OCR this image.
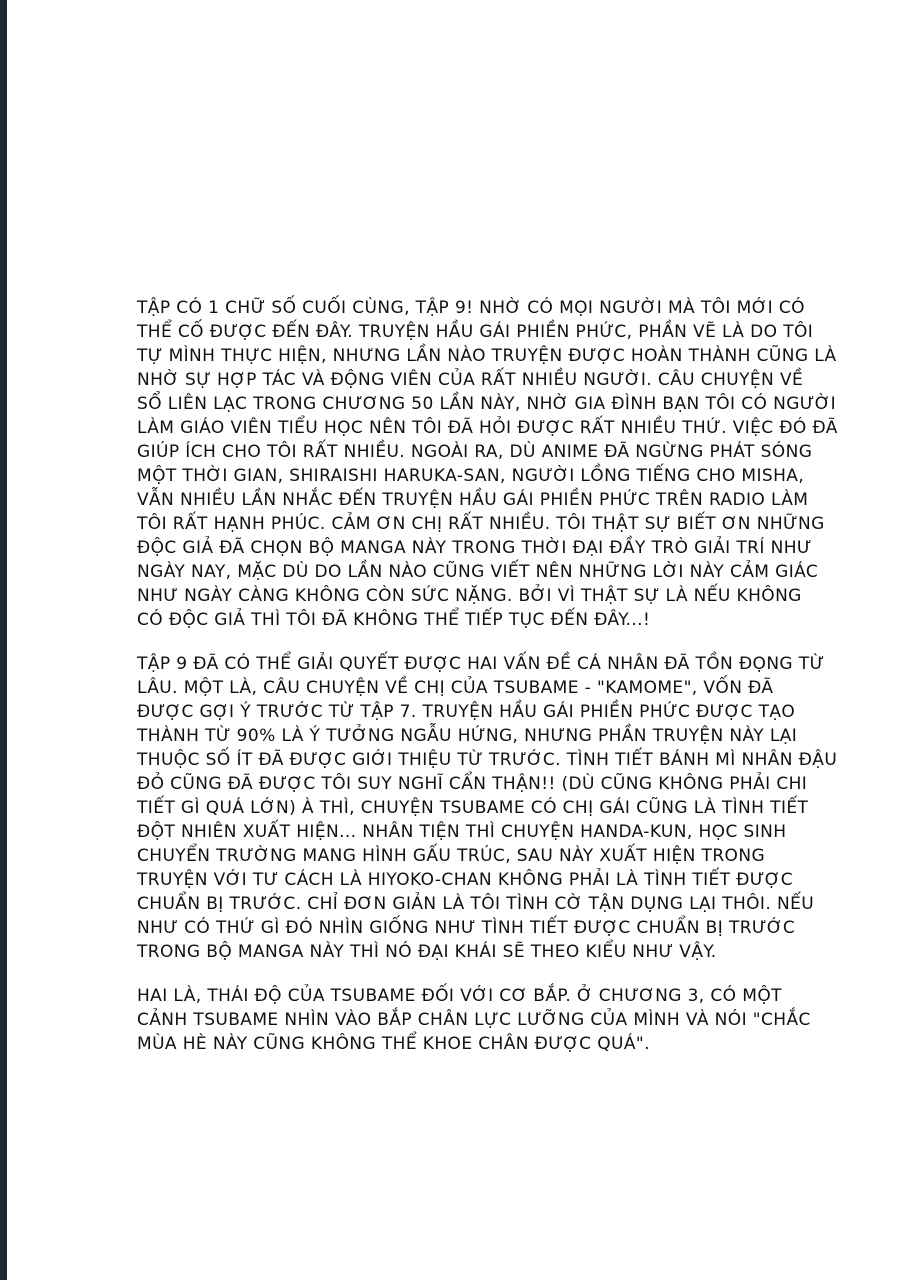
TẬP CÓ 1 CHỮ SỐ CUỐI CÙNG, TẬP 9! NHỜ CÓ MỌI NGƯỜI MÀ TÔI MỚI CÓ
THỂ CỐ ĐƯỢC ĐẾN ĐÂY. TRUYỆN HẦU GÁI PHIỀN PHỨC, PHẦN VẼ LÀ DO TÔI
TỰ MÌNH THỰC HIỆN, NHƯNG LẦN NÀO TRUYỆN ĐƯỢC HOÀN THÀNH CŨNG LÀ
NHỜ SỰ HỢP TÁC VÀ ĐỘNG VIÊN CỦA RẤT NHIỀU NGƯỜI. CÂU CHUYỆN VỀ
SỔ LIÊN LẠC TRONG CHƯƠNG 50 LẦN NÀY, NHỜ GIA ĐÌNH BẠN TÔI CÓ NGƯỜI
LÀM GIÁO VIÊN TIỂU HỌC NÊN TÔI ĐÃ HỎI ĐƯỢC RẤT NHIỀU THỨ. VIỆC ĐÓ ĐÃ
GIÚP ÍCH CHO TÔI RẤT NHIỀU. NGOÀI RA, DÙ ANIME ĐÃ NGỪNG PHÁT SÓNG
MỘT THỜI GIAN, SHIRAISHI HARUKA-SAN, NGƯỜI LỒNG TIẾNG CHO MISHA,
VẪN NHIỀU LẦN NHẮC ĐẾN TRUYỆN HẦU GÁI PHIỀN PHỨC TRÊN RADIO LÀM
TÔI RẤT HẠNH PHÚC. CẢM ƠN CHỊ RẤT NHIỀU. TÔI THẬT SỰ BIẾT ƠN NHỮNG
ĐỘC GIẢ ĐÃ CHỌN BỘ MANGA NÀY TRONG THỜI ĐẠI ĐẦY TRÒ GIẢI TRÍ NHƯ
NGÀY NAY, MẶC DÙ DO LẦN NÀO CŨNG VIẾT NÊN NHỮNG LỜI NÀY CẢM GIÁC
NHƯ NGÀY CÀNG KHÔNG CÒN SỨC NẶNG. BỞI VÌ THẬT SỰ LÀ NẾU KHÔNG
CÓ ĐỘC GIẢ THÌ TÔI ĐÃ KHÔNG THỂ TIẾP TỤC ĐẾN ĐÂY...!
TẬP 9 ĐÃ CÓ THỂ GIẢI QUYẾT ĐƯỢC HAI VẤN ĐỀ CÁ NHÂN ĐÃ TỒN ĐỌNG TỪ
LÂU. MỘT LÀ, CÂU CHUYỆN VỀ CHỊ CỦA TSUBAME - "KAMOME", VỐN ĐÃ
ĐƯỢC GỢI Ý TRƯỚC TỪ TẬP 7. TRUYỆN HẦU GÁI PHIỀN PHỨC ĐƯỢC TẠO
THÀNH TỪ 90% LÀ Ý TƯỞNG NGẪU HỨNG, NHƯNG PHẦN TRUYỆN NÀY LẠI
THUỘC SỐ ÍT ĐÃ ĐƯỢC GIỚI THIỆU TỪ TRƯỚC. TÌNH TIẾT BÁNH MÌ NHÂN ĐẬU
ĐỎ CŨNG ĐÃ ĐƯỢC TÔI SUY NGHĨ CẨN THẬN!! (DÙ CŨNG KHÔNG PHẢI CHI
TIẾT GÌ QUÁ LỚN) À THÌ, CHUYỆN TSUBAME CÓ CHỊ GÁI CŨNG LÀ TÌNH TIẾT
ĐỘT NHIÊN XUẤT HIỆN... NHÂN TIỆN THÌ CHUYỆN HANDA-KUN, HỌC SINH
CHUYỂN TRƯỜNG MANG HÌNH GẤU TRÚC, SAU NÀY XUẤT HIỆN TRONG
TRUYỆN VỚI TƯ CÁCH LÀ HIYOKO-CHAN KHÔNG PHẢI LÀ TÌNH TIẾT ĐƯỢC
CHUẨN BỊ TRƯỚC. CHỈ ĐƠN GIẢN LÀ TÔI TÌNH CỜ TẬN DỤNG LẠI THÔI. NẾU
NHƯ CÓ THỨ GÌ ĐÓ NHÌN GIỐNG NHƯ TÌNH TIẾT ĐƯỢC CHUẨN BỊ TRƯỚC
TRONG BỘ MANGA NÀY THÌ NÓ ĐẠI KHÁI SẼ THEO KIỂU NHƯ VẬY.
HAI LÀ, THÁI ĐỘ CỦA TSUBAME ĐỐI VỚI CƠ BẮP. Ở CHƯƠNG 3, CÓ MỘT
CẢNH TSUBAME NHÌN VÀO BẮP CHÂN LỰC LƯỠNG CỦA MÌNH VÀ NÓI "CHẮC
MÙA HÈ NÀY CŨNG KHÔNG THỂ KHOE CHÂN ĐƯỢC QUÁ".
